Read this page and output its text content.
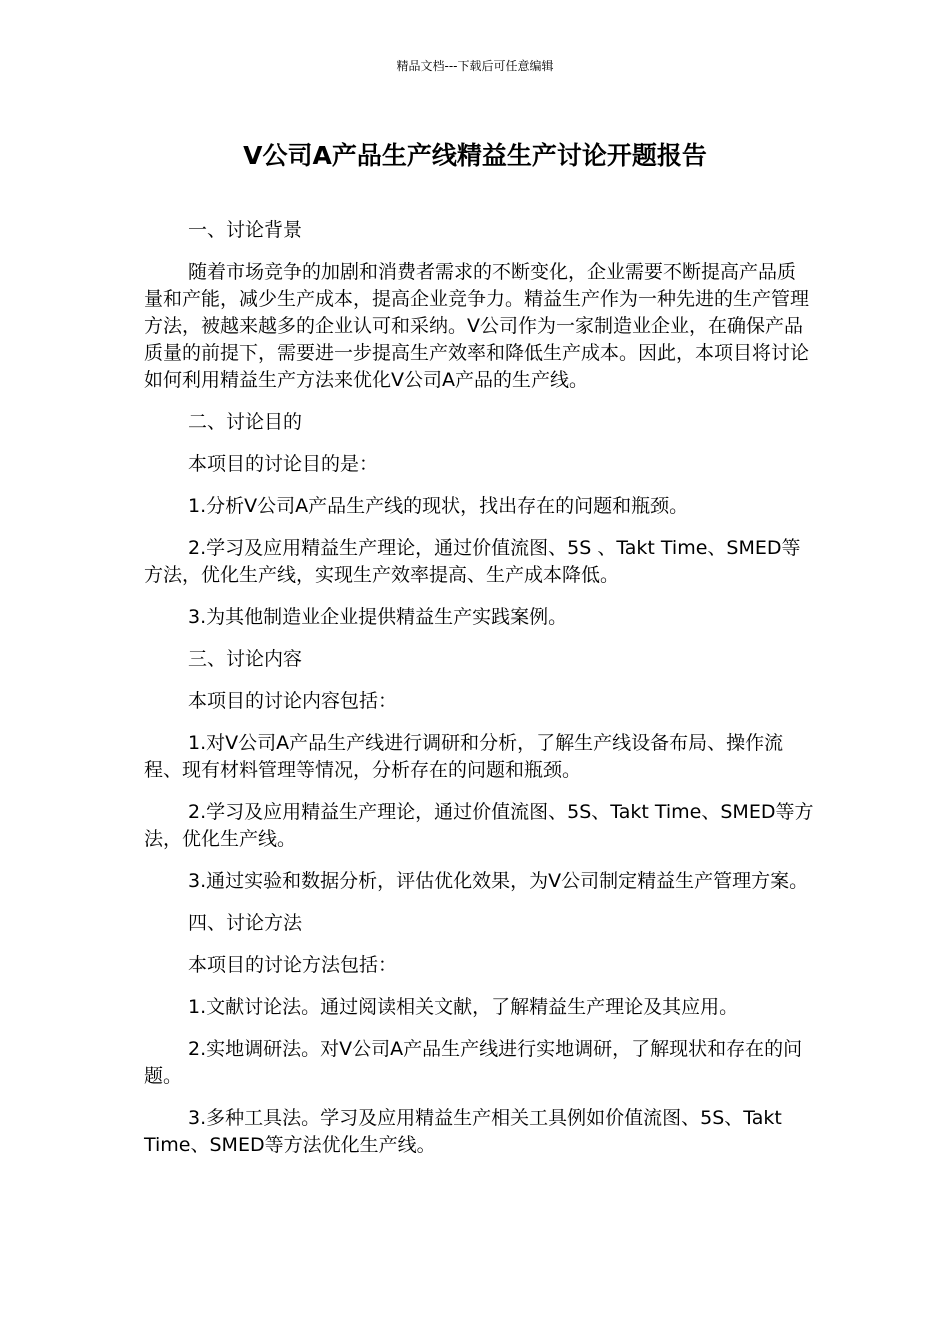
精品文档---下载后可任意编辑
V公司A产品生产线精益生产讨论开题报告

一、讨论背景

随着市场竞争的加剧和消费者需求的不断变化，企业需要不断提高产品质量和产能，减少生产成本，提高企业竞争力。精益生产作为一种先进的生产管理方法，被越来越多的企业认可和采纳。V公司作为一家制造业企业，在确保产品质量的前提下，需要进一步提高生产效率和降低生产成本。因此，本项目将讨论如何利用精益生产方法来优化V公司A产品的生产线。

二、讨论目的

本项目的讨论目的是：

1.分析V公司A产品生产线的现状，找出存在的问题和瓶颈。

2.学习及应用精益生产理论，通过价值流图、5S 、Takt Time、SMED等方法，优化生产线，实现生产效率提高、生产成本降低。

3.为其他制造业企业提供精益生产实践案例。

三、讨论内容

本项目的讨论内容包括：

1.对V公司A产品生产线进行调研和分析，了解生产线设备布局、操作流程、现有材料管理等情况，分析存在的问题和瓶颈。

2.学习及应用精益生产理论，通过价值流图、5S、Takt Time、SMED等方法，优化生产线。

3.通过实验和数据分析，评估优化效果，为V公司制定精益生产管理方案。

四、讨论方法

本项目的讨论方法包括：

1.文献讨论法。通过阅读相关文献，了解精益生产理论及其应用。

2.实地调研法。对V公司A产品生产线进行实地调研，了解现状和存在的问题。

3.多种工具法。学习及应用精益生产相关工具例如价值流图、5S、Takt Time、SMED等方法优化生产线。
